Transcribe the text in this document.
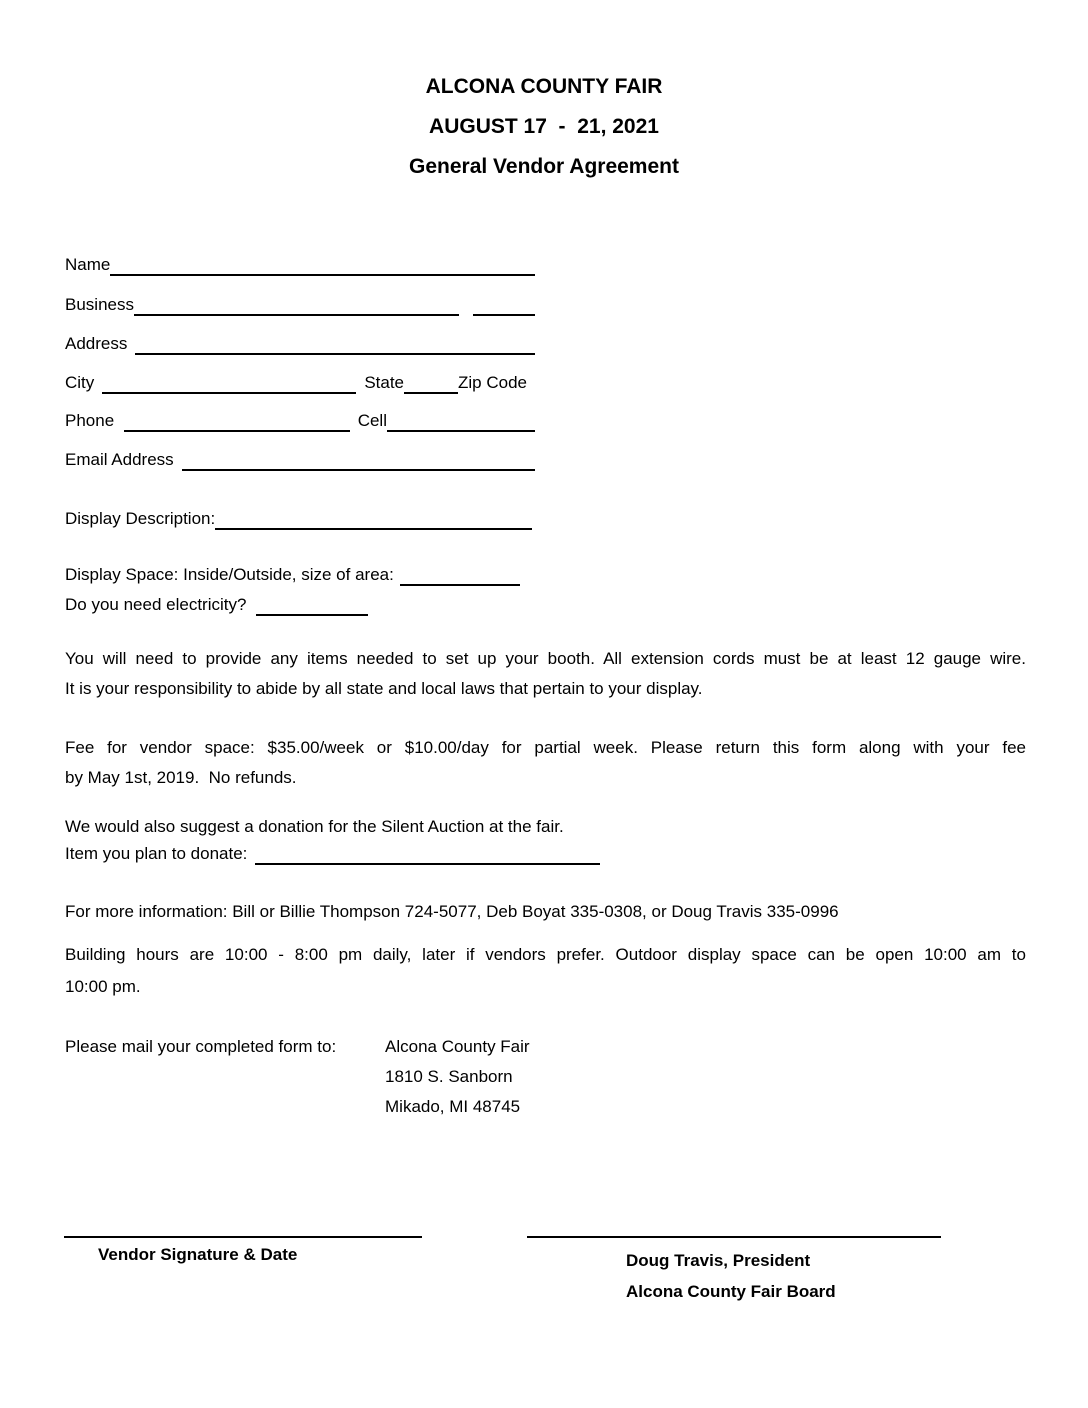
ALCONA COUNTY FAIR
AUGUST 17  -  21, 2021
General Vendor Agreement
Name
Business
Address
City	State	Zip Code
Phone	Cell
Email Address
Display Description:
Display Space: Inside/Outside, size of area:
Do you need electricity?
You will need to provide any items needed to set up your booth. All extension cords must be at least 12 gauge wire.
It is your responsibility to abide by all state and local laws that pertain to your display.
Fee for vendor space: $35.00/week or $10.00/day for partial week. Please return this form along with your fee
by May 1st, 2019.  No refunds.
We would also suggest a donation for the Silent Auction at the fair.
Item you plan to donate:
For more information: Bill or Billie Thompson 724-5077, Deb Boyat 335-0308, or Doug Travis 335-0996
Building hours are 10:00 - 8:00 pm daily, later if vendors prefer. Outdoor display space can be open 10:00 am to
10:00 pm.
Please mail your completed form to:	Alcona County Fair
1810 S. Sanborn
Mikado, MI 48745
Vendor Signature & Date	Doug Travis, President
Alcona County Fair Board
